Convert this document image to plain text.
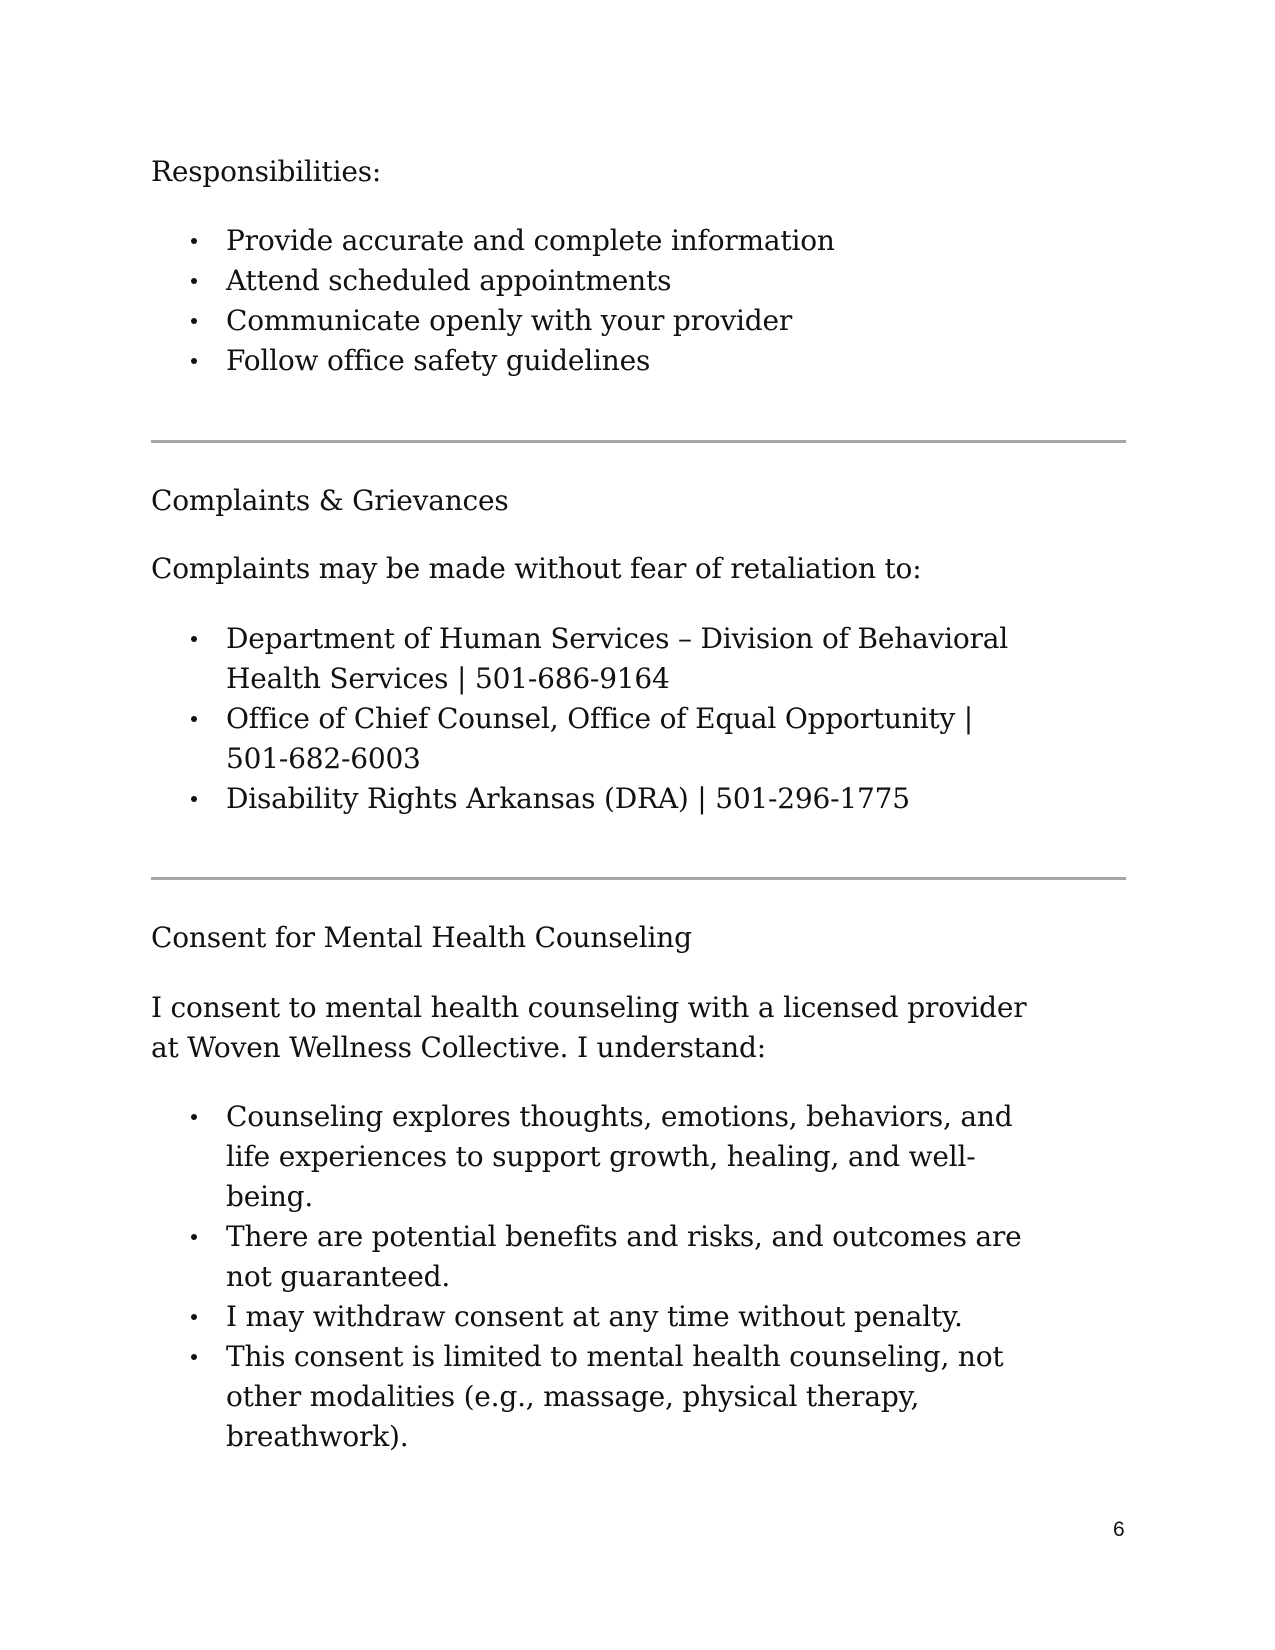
Responsibilities:
Provide accurate and complete information
Attend scheduled appointments
Communicate openly with your provider
Follow office safety guidelines
Complaints & Grievances
Complaints may be made without fear of retaliation to:
Department of Human Services – Division of Behavioral
Health Services | 501-686-9164
Office of Chief Counsel, Office of Equal Opportunity |
501-682-6003
Disability Rights Arkansas (DRA) | 501-296-1775
Consent for Mental Health Counseling
I consent to mental health counseling with a licensed provider
at Woven Wellness Collective. I understand:
Counseling explores thoughts, emotions, behaviors, and
life experiences to support growth, healing, and well-
being.
There are potential benefits and risks, and outcomes are
not guaranteed.
I may withdraw consent at any time without penalty.
This consent is limited to mental health counseling, not
other modalities (e.g., massage, physical therapy,
breathwork).
6
